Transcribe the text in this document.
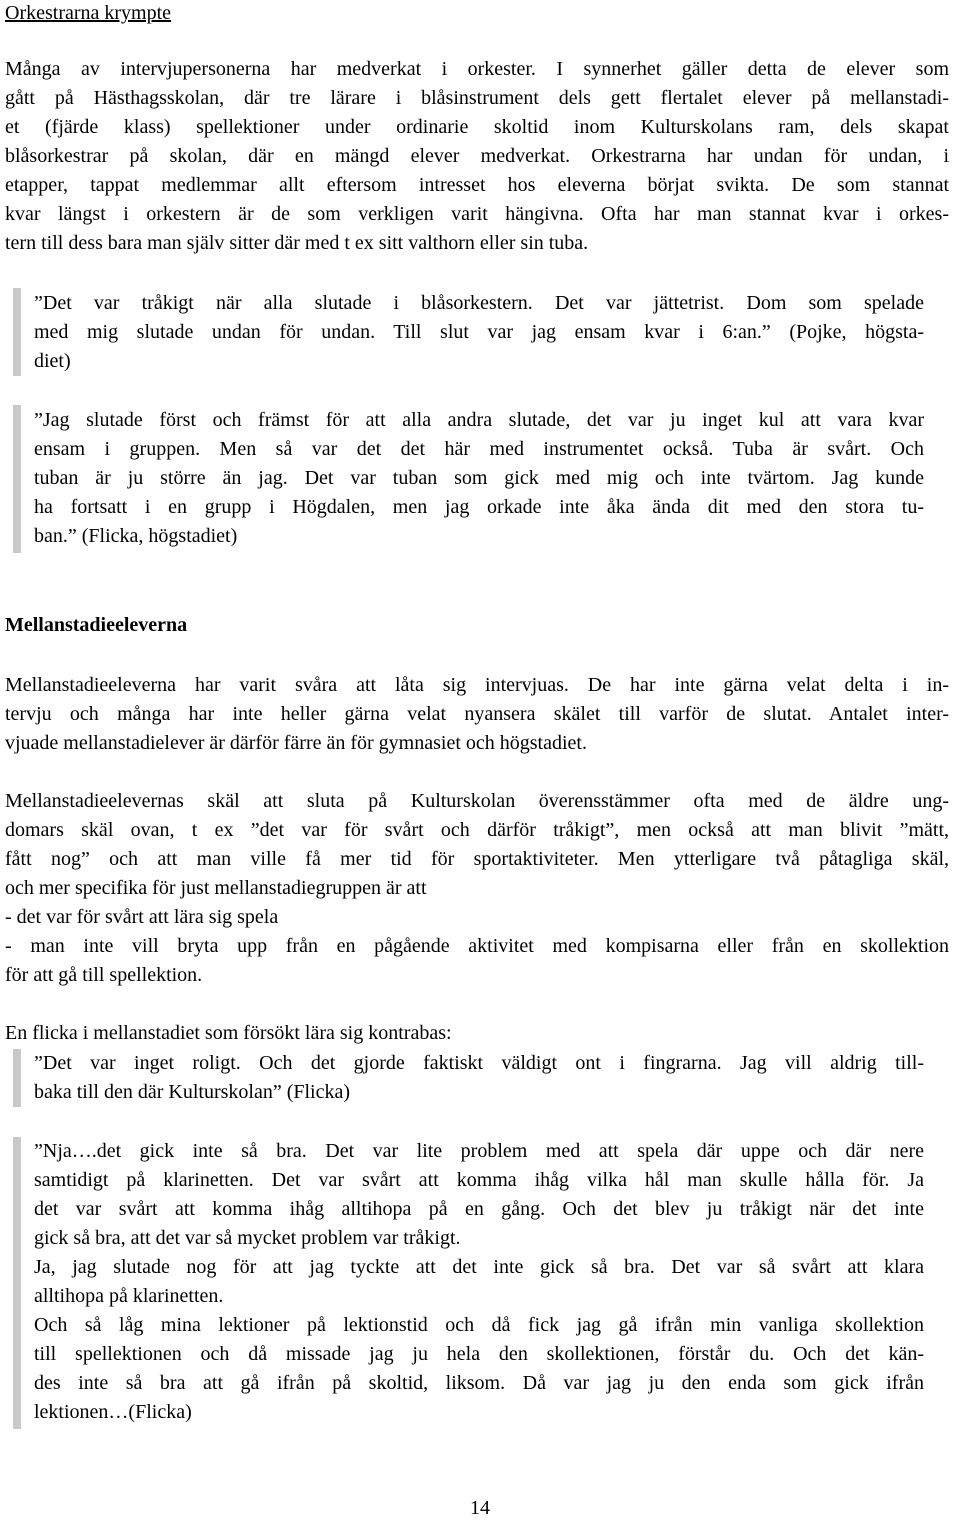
Orkestrarna krympte
Många av intervjupersonerna har medverkat i orkester. I synnerhet gäller detta de elever som
gått på Hästhagsskolan, där tre lärare i blåsinstrument dels gett flertalet elever på mellanstadi-
et (fjärde klass) spellektioner under ordinarie skoltid inom Kulturskolans ram, dels skapat
blåsorkestrar på skolan, där en mängd elever medverkat. Orkestrarna har undan för undan, i
etapper, tappat medlemmar allt eftersom intresset hos eleverna börjat svikta. De som stannat
kvar längst i orkestern är de som verkligen varit hängivna. Ofta har man stannat kvar i orkes-
tern till dess bara man själv sitter där med t ex sitt valthorn eller sin tuba.
”Det var tråkigt när alla slutade i blåsorkestern. Det var jättetrist. Dom som spelade
med mig slutade undan för undan. Till slut var jag ensam kvar i 6:an.” (Pojke, högsta-
diet)
”Jag slutade först och främst för att alla andra slutade, det var ju inget kul att vara kvar
ensam i gruppen. Men så var det det här med instrumentet också. Tuba är svårt. Och
tuban är ju större än jag. Det var tuban som gick med mig och inte tvärtom. Jag kunde
ha fortsatt i en grupp i Högdalen, men jag orkade inte åka ända dit med den stora tu-
ban.” (Flicka, högstadiet)
Mellanstadieeleverna
Mellanstadieeleverna har varit svåra att låta sig intervjuas. De har inte gärna velat delta i in-
tervju och många har inte heller gärna velat nyansera skälet till varför de slutat. Antalet inter-
vjuade mellanstadielever är därför färre än för gymnasiet och högstadiet.
Mellanstadieelevernas skäl att sluta på Kulturskolan överensstämmer ofta med de äldre ung-
domars skäl ovan, t ex ”det var för svårt och därför tråkigt”, men också att man blivit ”mätt,
fått nog” och att man ville få mer tid för sportaktiviteter. Men ytterligare två påtagliga skäl,
och mer specifika för just mellanstadiegruppen är att
- det var för svårt att lära sig spela
- man inte vill bryta upp från en pågående aktivitet med kompisarna eller från en skollektion
för att gå till spellektion.
En flicka i mellanstadiet som försökt lära sig kontrabas:
”Det var inget roligt. Och det gjorde faktiskt väldigt ont i fingrarna. Jag vill aldrig till-
baka till den där Kulturskolan” (Flicka)
”Nja….det gick inte så bra. Det var lite problem med att spela där uppe och där nere
samtidigt på klarinetten. Det var svårt att komma ihåg vilka hål man skulle hålla för. Ja
det var svårt att komma ihåg alltihopa på en gång. Och det blev ju tråkigt när det inte
gick så bra, att det var så mycket problem var tråkigt.
Ja, jag slutade nog för att jag tyckte att det inte gick så bra. Det var så svårt att klara
alltihopa på klarinetten.
Och så låg mina lektioner på lektionstid och då fick jag gå ifrån min vanliga skollektion
till spellektionen och då missade jag ju hela den skollektionen, förstår du. Och det kän-
des inte så bra att gå ifrån på skoltid, liksom. Då var jag ju den enda som gick ifrån
lektionen…(Flicka)
14
